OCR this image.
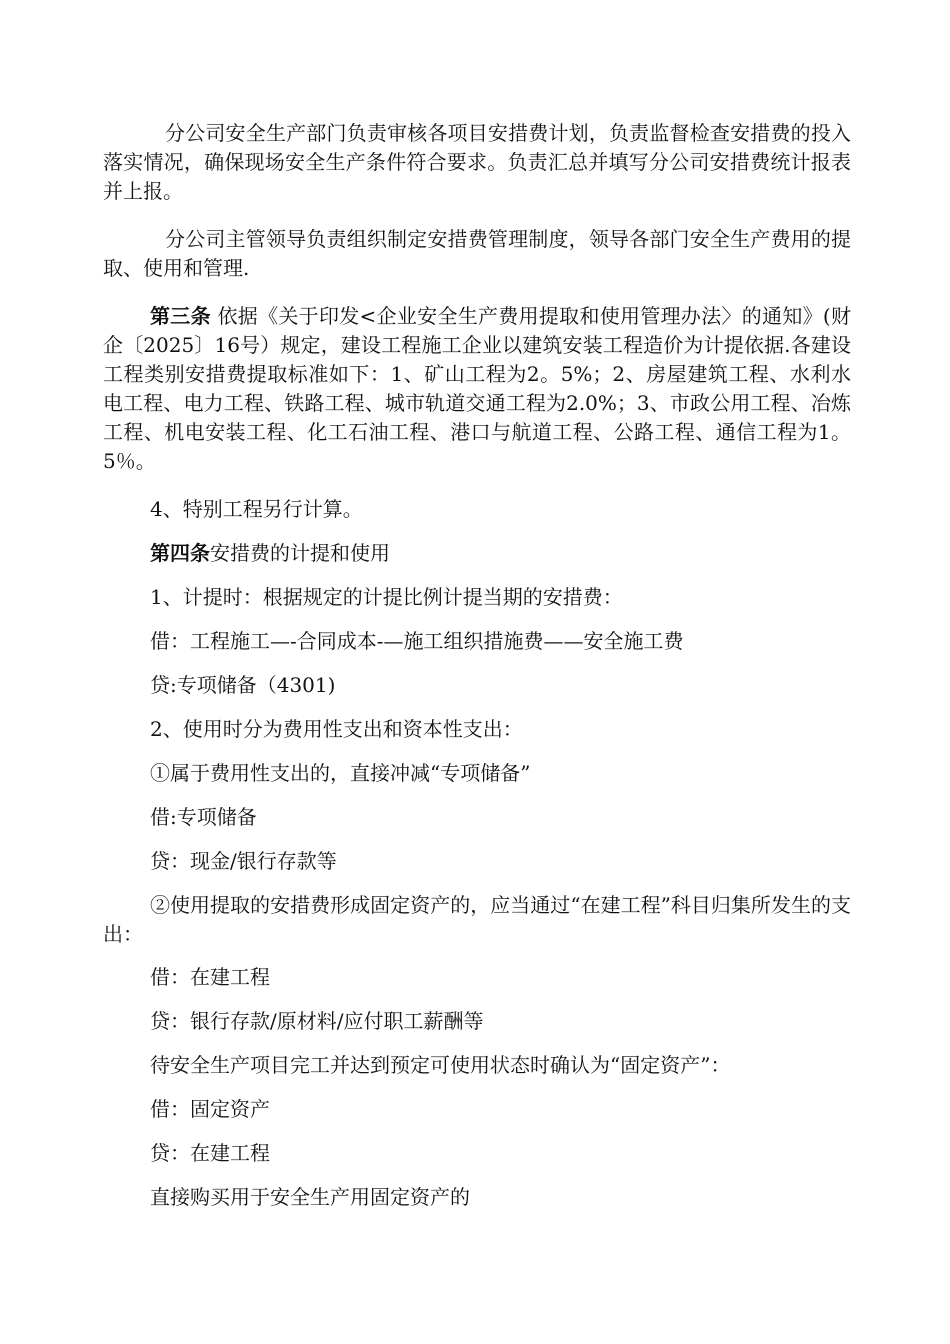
分公司安全生产部门负责审核各项目安措费计划，负责监督检查安措费的投入落实情况，确保现场安全生产条件符合要求。负责汇总并填写分公司安措费统计报表并上报。

分公司主管领导负责组织制定安措费管理制度，领导各部门安全生产费用的提取、使用和管理.

第三条 依据《关于印发<企业安全生产费用提取和使用管理办法〉的通知》(财企〔2025〕16号）规定，建设工程施工企业以建筑安装工程造价为计提依据.各建设工程类别安措费提取标准如下：1、矿山工程为2。5%；2、房屋建筑工程、水利水电工程、电力工程、铁路工程、城市轨道交通工程为2.0%；3、市政公用工程、冶炼工程、机电安装工程、化工石油工程、港口与航道工程、公路工程、通信工程为1。5％。

4、特别工程另行计算。

第四条安措费的计提和使用

1、计提时：根据规定的计提比例计提当期的安措费：

借：工程施工—-合同成本-—施工组织措施费——安全施工费

贷:专项储备（4301)

2、使用时分为费用性支出和资本性支出：

①属于费用性支出的，直接冲减“专项储备”

借:专项储备

贷：现金/银行存款等

②使用提取的安措费形成固定资产的，应当通过“在建工程”科目归集所发生的支出：

借：在建工程

贷：银行存款/原材料/应付职工薪酬等

待安全生产项目完工并达到预定可使用状态时确认为“固定资产”：

借：固定资产

贷：在建工程

直接购买用于安全生产用固定资产的
